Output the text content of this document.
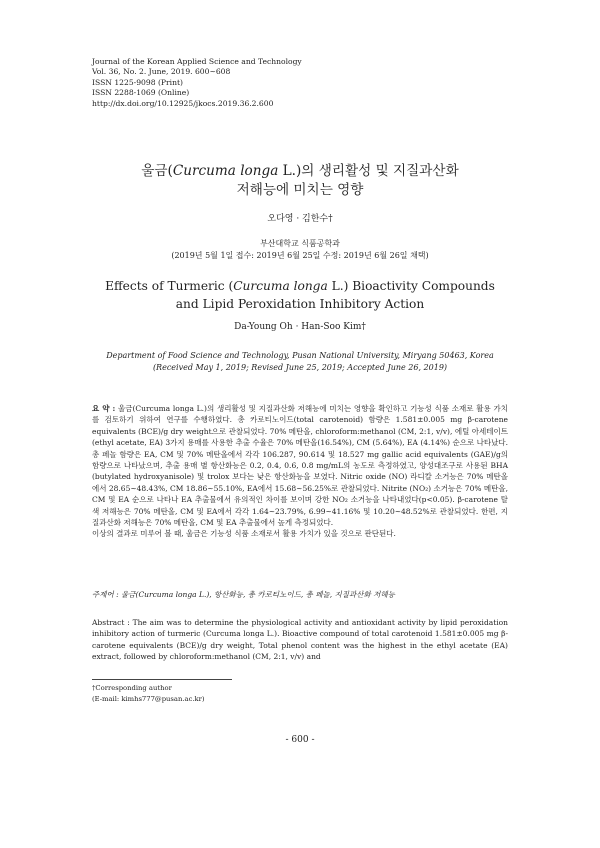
Journal of the Korean Applied Science and Technology
Vol. 36, No. 2. June, 2019. 600~608
ISSN 1225-9098 (Print)
ISSN 2288-1069 (Online)
http://dx.doi.org/10.12925/jkocs.2019.36.2.600
울금(Curcuma longa L.)의 생리활성 및 지질과산화
저해능에 미치는 영향
오다영 · 김한수†
부산대학교 식품공학과
(2019년 5월 1일 접수: 2019년 6월 25일 수정: 2019년 6월 26일 채택)
Effects of Turmeric (Curcuma longa L.) Bioactivity Compounds
and Lipid Peroxidation Inhibitory Action
Da-Young Oh · Han-Soo Kim†
Department of Food Science and Technology, Pusan National University, Miryang 50463, Korea
(Received May 1, 2019; Revised June 25, 2019; Accepted June 26, 2019)

요 약 : 울금(Curcuma longa L.)의 생리활성 및 지질과산화 저해능에 미치는 영향을 확인하고 기능성 식품 소재로 활용 가치를 검토하기 위하여 연구를 수행하였다. 총 카로티노이드(total carotenoid) 함량은 1.581±0.005 mg β-carotene equivalents (BCE)/g dry weight으로 관찰되었다. 70% 메탄올, chloroform:methanol (CM, 2:1, v/v), 에틸 아세테이트(ethyl acetate, EA) 3가지 용매를 사용한 추출 수율은 70% 메탄올(16.54%), CM (5.64%), EA (4.14%) 순으로 나타났다. 총 페놀 함량은 EA, CM 및 70% 메탄올에서 각각 106.287, 90.614 및 18.527 mg gallic acid equivalents (GAE)/g의 함량으로 나타났으며, 추출 용매 별 항산화능은 0.2, 0.4, 0.6, 0.8 mg/mL의 농도로 측정하였고, 양성대조구로 사용된 BHA (butylated hydroxyanisole) 및 trolox 보다는 낮은 항산화능을 보였다. Nitric oxide (NO) 라디칼 소거능은 70% 메탄올에서 28.65~48.43%, CM 18.86~55.10%, EA에서 15.68~56.25%로 관찰되었다. Nitrite (NO₂) 소거능은 70% 메탄올, CM 및 EA 순으로 나타나 EA 추출물에서 유의적인 차이를 보이며 강한 NO₂ 소거능을 나타내었다(p<0.05). β-carotene 탈색 저해능은 70% 메탄올, CM 및 EA에서 각각 1.64~23.79%, 6.99~41.16% 및 10.20~48.52%로 관찰되었다. 한편, 지질과산화 저해능은 70% 메탄올, CM 및 EA 추출물에서 높게 측정되었다.

이상의 결과로 미루어 볼 때, 울금은 기능성 식품 소재로서 활용 가치가 있을 것으로 판단된다.

주제어 : 울금(Curcuma longa L.), 항산화능, 총 카로티노이드, 총 페놀, 지질과산화 저해능

Abstract : The aim was to determine the physiological activity and antioxidant activity by lipid peroxidation inhibitory action of turmeric (Curcuma longa L.). Bioactive compound of total carotenoid 1.581±0.005 mg β-carotene equivalents (BCE)/g dry weight, Total phenol content was the highest in the ethyl acetate (EA) extract, followed by chloroform:methanol (CM, 2:1, v/v) and

†Corresponding author
(E-mail: kimhs777@pusan.ac.kr)
- 600 -
